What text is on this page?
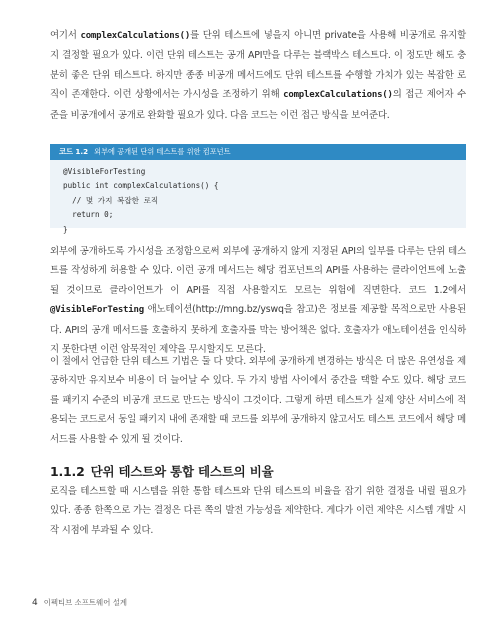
여기서 complexCalculations()를 단위 테스트에 넣을지 아니면 private을 사용해 비공개로 유지할지 결정할 필요가 있다. 이런 단위 테스트는 공개 API만을 다루는 블랙박스 테스트다. 이 정도만 해도 충분히 좋은 단위 테스트다. 하지만 종종 비공개 메서드에도 단위 테스트를 수행할 가치가 있는 복잡한 로직이 존재한다. 이런 상황에서는 가시성을 조정하기 위해 complexCalculations()의 접근 제어자 수준을 비공개에서 공개로 완화할 필요가 있다. 다음 코드는 이런 접근 방식을 보여준다.

코드 1.2 외부에 공개된 단위 테스트를 위한 컴포넌트
@VisibleForTesting
public int complexCalculations() {
// 몇 가지 복잡한 로직
return 0;
}

외부에 공개하도록 가시성을 조정함으로써 외부에 공개하지 않게 지정된 API의 일부를 다루는 단위 테스트를 작성하게 허용할 수 있다. 이런 공개 메서드는 해당 컴포넌트의 API를 사용하는 클라이언트에 노출될 것이므로 클라이언트가 이 API를 직접 사용할지도 모르는 위험에 직면한다. 코드 1.2에서 @VisibleForTesting 애노테이션(http://mng.bz/yswq을 참고)은 정보를 제공할 목적으로만 사용된다. API의 공개 메서드를 호출하지 못하게 호출자를 막는 방어책은 없다. 호출자가 애노테이션을 인식하지 못한다면 이런 암묵적인 제약을 무시할지도 모른다.

이 절에서 언급한 단위 테스트 기법은 둘 다 맞다. 외부에 공개하게 변경하는 방식은 더 많은 유연성을 제공하지만 유지보수 비용이 더 늘어날 수 있다. 두 가지 방법 사이에서 중간을 택할 수도 있다. 해당 코드를 패키지 수준의 비공개 코드로 만드는 방식이 그것이다. 그렇게 하면 테스트가 실제 양산 서비스에 적용되는 코드로서 동일 패키지 내에 존재할 때 코드를 외부에 공개하지 않고서도 테스트 코드에서 해당 메서드를 사용할 수 있게 될 것이다.

1.1.2 단위 테스트와 통합 테스트의 비율

로직을 테스트할 때 시스템을 위한 통합 테스트와 단위 테스트의 비율을 잡기 위한 결정을 내릴 필요가 있다. 종종 한쪽으로 가는 결정은 다른 쪽의 발전 가능성을 제약한다. 게다가 이런 제약은 시스템 개발 시작 시점에 부과될 수 있다.

4 이펙티브 소프트웨어 설계
